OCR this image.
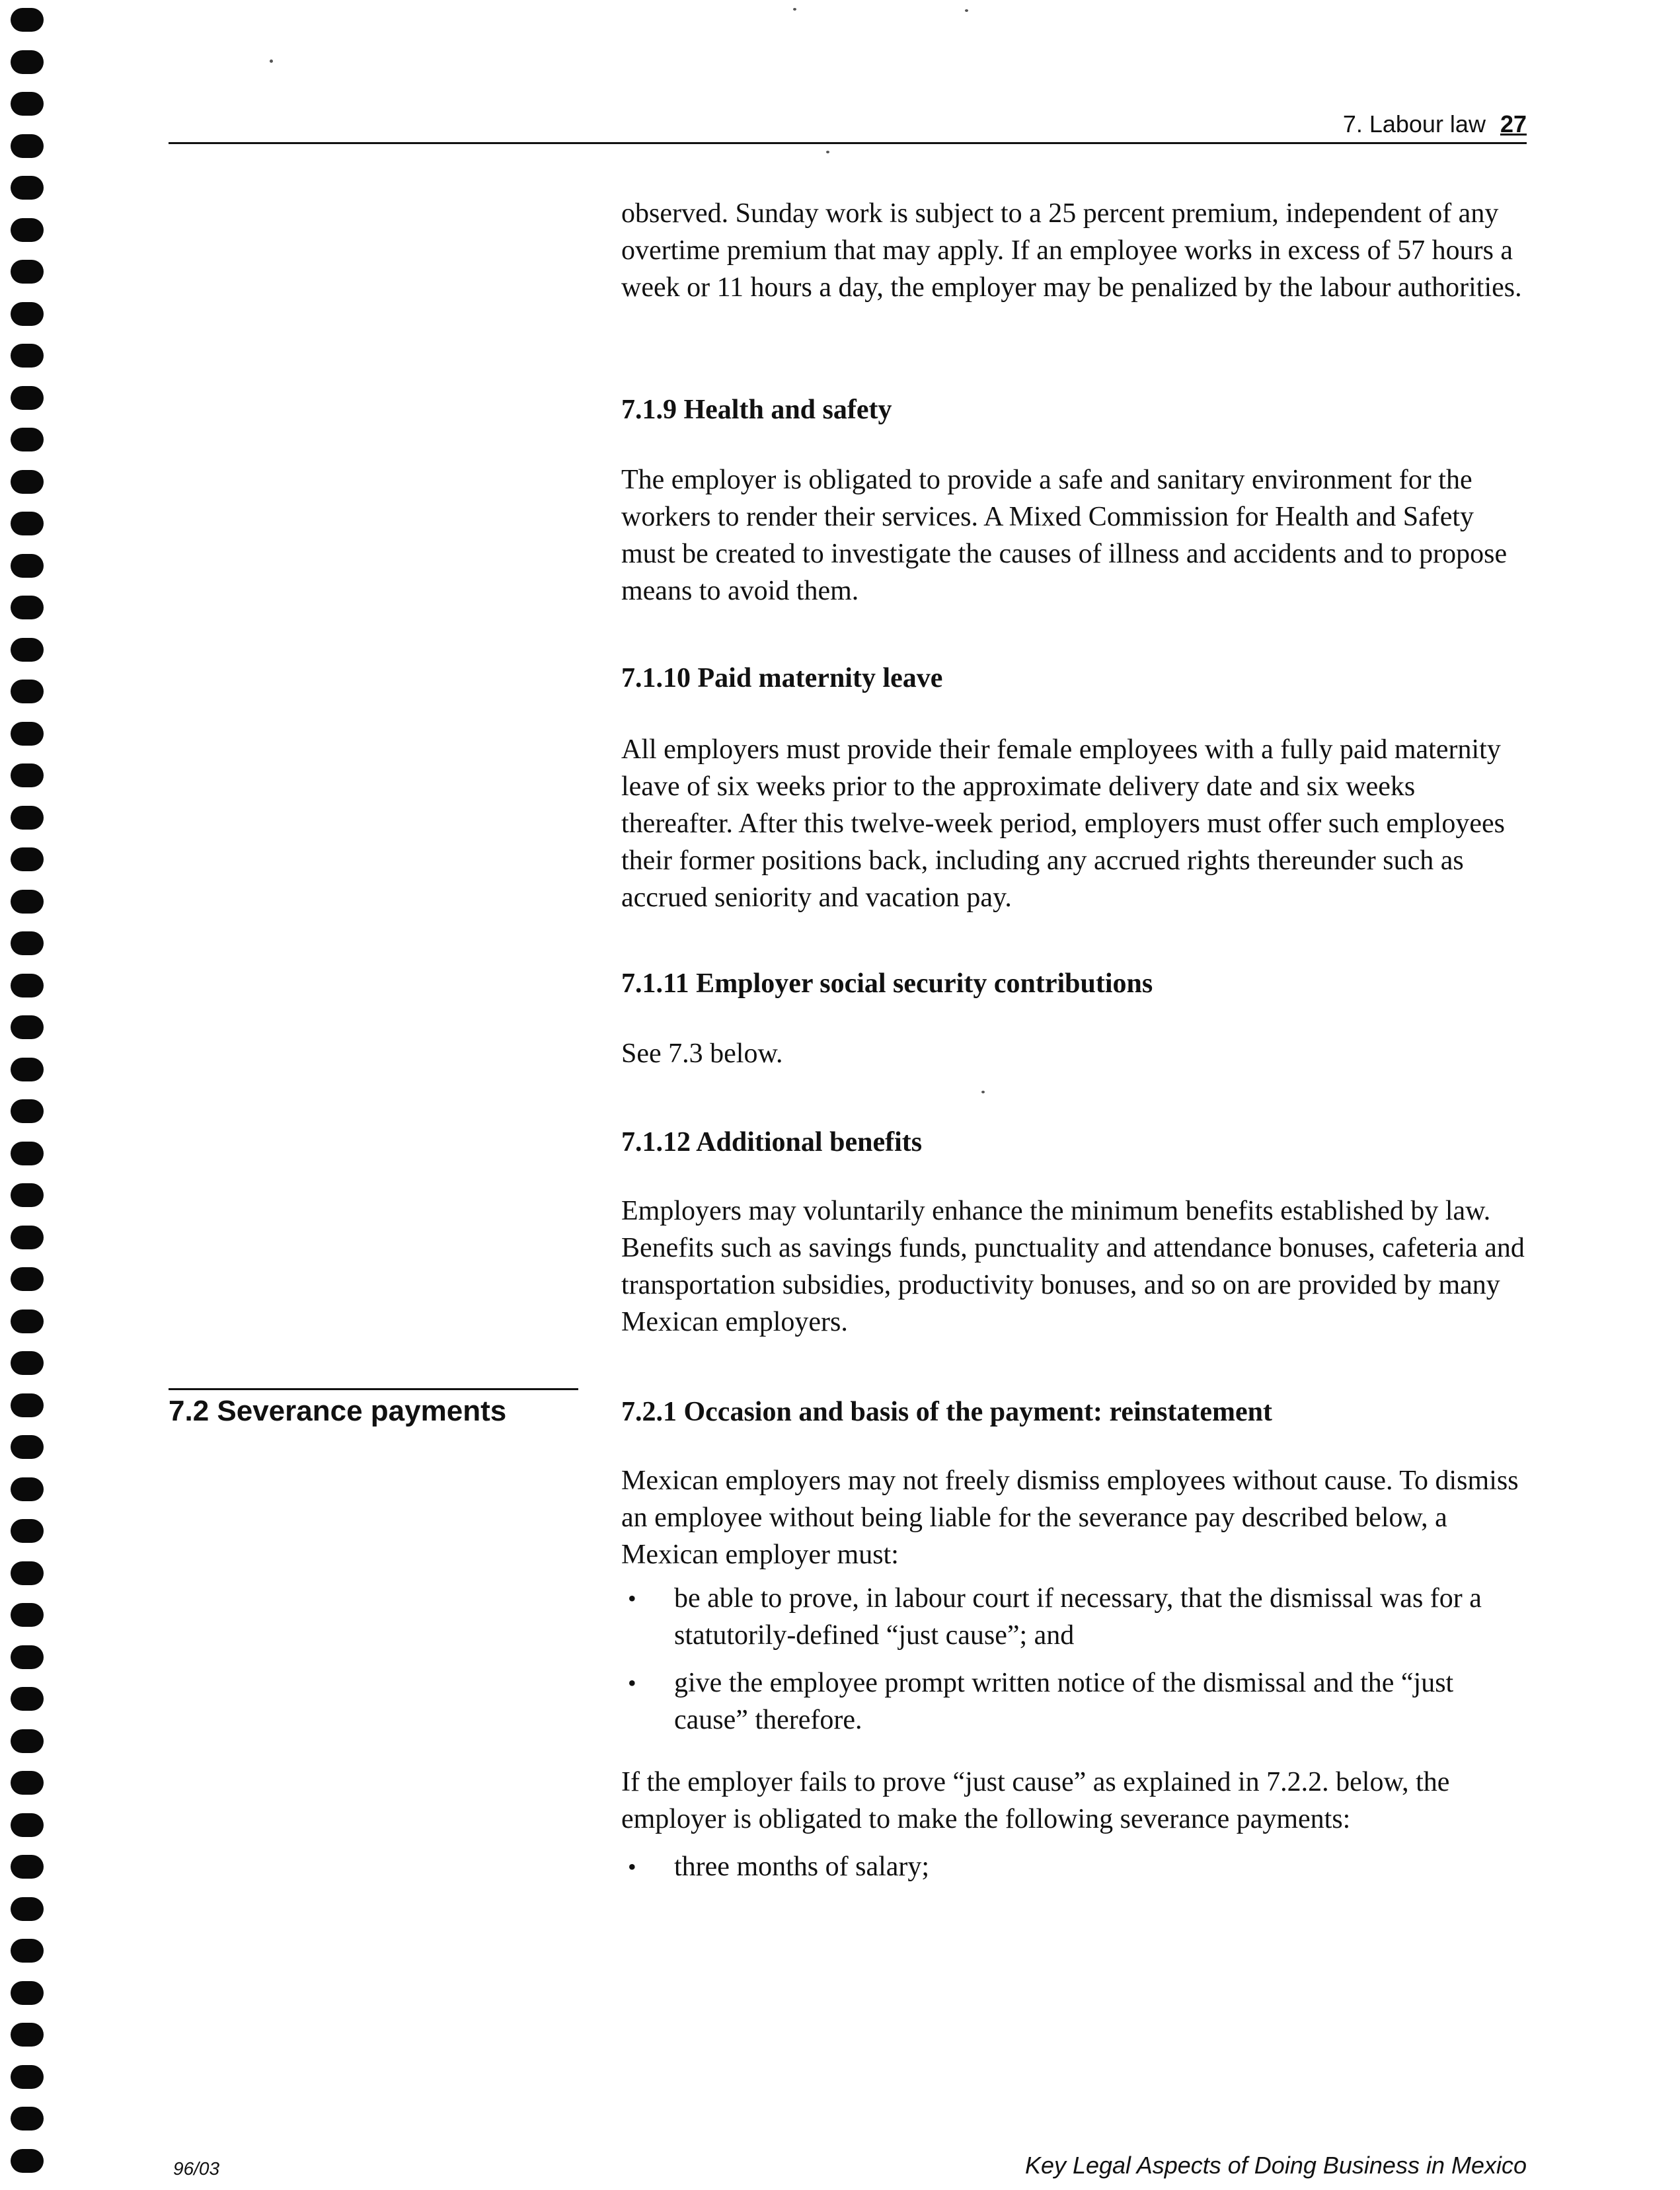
7. Labour law 27

observed. Sunday work is subject to a 25 percent premium, independent of any overtime premium that may apply. If an employee works in excess of 57 hours a week or 11 hours a day, the employer may be penalized by the labour authorities.

7.1.9 Health and safety

The employer is obligated to provide a safe and sanitary environment for the workers to render their services. A Mixed Commission for Health and Safety must be created to investigate the causes of illness and accidents and to propose means to avoid them.

7.1.10 Paid maternity leave

All employers must provide their female employees with a fully paid maternity leave of six weeks prior to the approximate delivery date and six weeks thereafter. After this twelve-week period, employers must offer such employees their former positions back, including any accrued rights thereunder such as accrued seniority and vacation pay.

7.1.11 Employer social security contributions

See 7.3 below.

7.1.12 Additional benefits

Employers may voluntarily enhance the minimum benefits established by law. Benefits such as savings funds, punctuality and attendance bonuses, cafeteria and transportation subsidies, productivity bonuses, and so on are provided by many Mexican employers.

7.2 Severance payments	7.2.1 Occasion and basis of the payment: reinstatement

Mexican employers may not freely dismiss employees without cause. To dismiss an employee without being liable for the severance pay described below, a Mexican employer must:

• be able to prove, in labour court if necessary, that the dismissal was for a statutorily-defined “just cause”; and
• give the employee prompt written notice of the dismissal and the “just cause” therefore.

If the employer fails to prove “just cause” as explained in 7.2.2. below, the employer is obligated to make the following severance payments:

• three months of salary;
96/03	Key Legal Aspects of Doing Business in Mexico
